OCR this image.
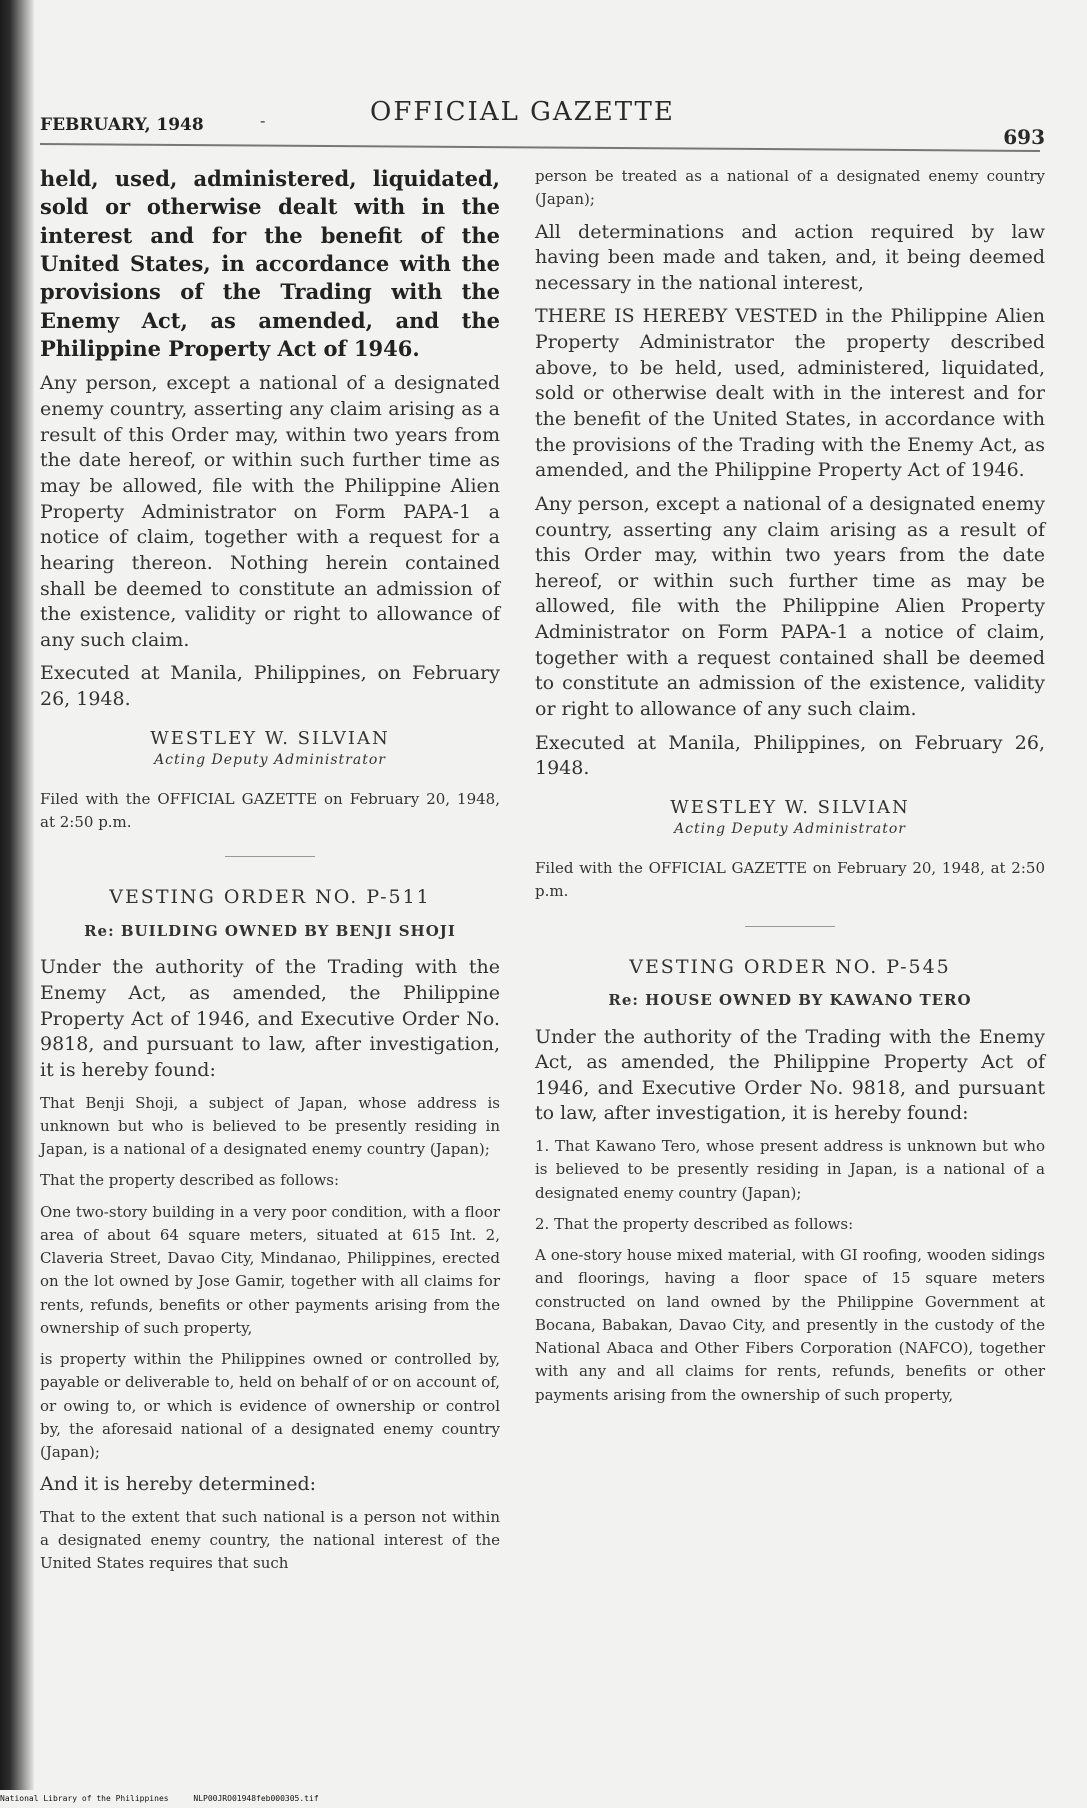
FEBRUARY, 1948	-	OFFICIAL GAZETTE
693

held, used, administered, liquidated, sold or otherwise dealt with in the interest and for the benefit of the United States, in accordance with the provisions of the Trading with the Enemy Act, as amended, and the Philippine Property Act of 1946.

Any person, except a national of a designated enemy country, asserting any claim arising as a result of this Order may, within two years from the date hereof, or within such further time as may be allowed, file with the Philippine Alien Property Administrator on Form PAPA-1 a notice of claim, together with a request for a hearing thereon. Nothing herein contained shall be deemed to constitute an admission of the existence, validity or right to allowance of any such claim.

Executed at Manila, Philippines, on February 26, 1948.

WESTLEY W. SILVIAN
Acting Deputy Administrator

Filed with the OFFICIAL GAZETTE on February 20, 1948, at 2:50 p.m.

VESTING ORDER NO. P-511
Re: BUILDING OWNED BY BENJI SHOJI

Under the authority of the Trading with the Enemy Act, as amended, the Philippine Property Act of 1946, and Executive Order No. 9818, and pursuant to law, after investigation, it is hereby found:

That Benji Shoji, a subject of Japan, whose address is unknown but who is believed to be presently residing in Japan, is a national of a designated enemy country (Japan);

That the property described as follows:

One two-story building in a very poor condition, with a floor area of about 64 square meters, situated at 615 Int. 2, Claveria Street, Davao City, Mindanao, Philippines, erected on the lot owned by Jose Gamir, together with all claims for rents, refunds, benefits or other payments arising from the ownership of such property,

is property within the Philippines owned or controlled by, payable or deliverable to, held on behalf of or on account of, or owing to, or which is evidence of ownership or control by, the aforesaid national of a designated enemy country (Japan);

And it is hereby determined:

That to the extent that such national is a person not within a designated enemy country, the national interest of the United States requires that such

person be treated as a national of a designated enemy country (Japan);

All determinations and action required by law having been made and taken, and, it being deemed necessary in the national interest,

THERE IS HEREBY VESTED in the Philippine Alien Property Administrator the property described above, to be held, used, administered, liquidated, sold or otherwise dealt with in the interest and for the benefit of the United States, in accordance with the provisions of the Trading with the Enemy Act, as amended, and the Philippine Property Act of 1946.

Any person, except a national of a designated enemy country, asserting any claim arising as a result of this Order may, within two years from the date hereof, or within such further time as may be allowed, file with the Philippine Alien Property Administrator on Form PAPA-1 a notice of claim, together with a request contained shall be deemed to constitute an admission of the existence, validity or right to allowance of any such claim.

Executed at Manila, Philippines, on February 26, 1948.

WESTLEY W. SILVIAN
Acting Deputy Administrator

Filed with the OFFICIAL GAZETTE on February 20, 1948, at 2:50 p.m.

VESTING ORDER NO. P-545
Re: HOUSE OWNED BY KAWANO TERO

Under the authority of the Trading with the Enemy Act, as amended, the Philippine Property Act of 1946, and Executive Order No. 9818, and pursuant to law, after investigation, it is hereby found:

1. That Kawano Tero, whose present address is unknown but who is believed to be presently residing in Japan, is a national of a designated enemy country (Japan);

2. That the property described as follows:

A one-story house mixed material, with GI roofing, wooden sidings and floorings, having a floor space of 15 square meters constructed on land owned by the Philippine Government at Bocana, Babakan, Davao City, and presently in the custody of the National Abaca and Other Fibers Corporation (NAFCO), together with any and all claims for rents, refunds, benefits or other payments arising from the ownership of such property,

National Library of the Philippines	NLP00JRO01948feb000305.tif
